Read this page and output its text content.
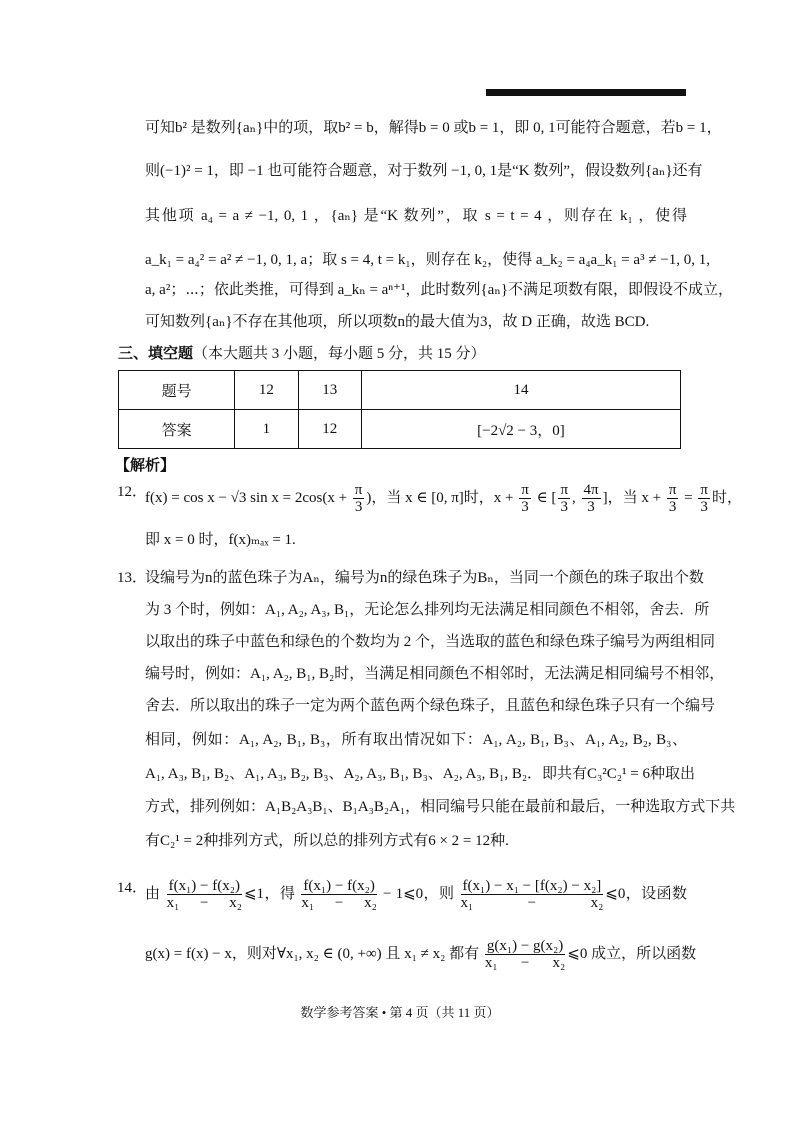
可知b² 是数列{aₙ}中的项，取b² = b，解得b = 0 或b = 1，即 0, 1可能符合题意，若b = 1，
则(−1)² = 1，即 −1 也可能符合题意，对于数列 −1, 0, 1是“K 数列”，假设数列{aₙ}还有
其他项 a₄ = a ≠ −1, 0, 1 ，{aₙ} 是“K 数列”，取 s = t = 4 ，则存在 k₁ ，使得
a_k₁ = a₄² = a² ≠ −1, 0, 1, a；取 s = 4, t = k₁，则存在 k₂，使得 a_k₂ = a₄a_k₁ = a³ ≠ −1, 0, 1,
a, a²；⋯；依此类推，可得到 a_kₙ = aⁿ⁺¹，此时数列{aₙ}不满足项数有限，即假设不成立，
可知数列{aₙ}不存在其他项，所以项数n的最大值为3，故 D 正确，故选 BCD.
三、填空题（本大题共 3 小题，每小题 5 分，共 15 分）
题号	12	13	14
答案	1	12	[−2√2 − 3，0]
【解析】
12．
f(x) = cos x − √3 $\sin x = 2\cos(x + \frac{\pi}{3}$ )，当 x ∈ [0, π]时，$x + \frac{\pi}{3}$ ∈ [ $\frac{\pi}{3}$ , $\frac{4\pi}{3}$ ]，当 $x + \frac{\pi}{3} = \frac{\pi}{3}$ 时，
即 x = 0 时，f(x)ₘₐₓ = 1.
13．
设编号为n的蓝色珠子为Aₙ，编号为n的绿色珠子为Bₙ，当同一个颜色的珠子取出个数
为 3 个时，例如：A₁, A₂, A₃, B₁，无论怎么排列均无法满足相同颜色不相邻，舍去．所
以取出的珠子中蓝色和绿色的个数均为 2 个，当选取的蓝色和绿色珠子编号为两组相同
编号时，例如：A₁, A₂, B₁, B₂时，当满足相同颜色不相邻时，无法满足相同编号不相邻，
舍去．所以取出的珠子一定为两个蓝色两个绿色珠子，且蓝色和绿色珠子只有一个编号
相同，例如：A₁, A₂, B₁, B₃，所有取出情况如下：A₁, A₂, B₁, B₃、A₁, A₂, B₂, B₃、
A₁, A₃, B₁, B₂、A₁, A₃, B₂, B₃、A₂, A₃, B₁, B₃、A₂, A₃, B₁, B₂．即共有C₃²C₂¹ = 6种取出
方式，排列例如：A₁B₂A₃B₁、B₁A₃B₂A₁，相同编号只能在最前和最后，一种选取方式下共
有C₂¹ = 2种排列方式，所以总的排列方式有6 × 2 = 12种.
14．
由 $\frac{\text{f(x₁) − f(x₂)}}{\text{x₁ − x₂}}$ ⩽1，得 $\frac{\text{f(x₁) − f(x₂)}}{\text{x₁ − x₂}}$ − 1⩽0，则 $\frac{\text{f(x₁) − x₁ − [f(x₂) − x₂]}}{\text{x₁ − x₂}}$ ⩽0，设函数
g(x) = f(x) − x，则对∀x₁, x₂ ∈ (0, +∞) 且 x₁ ≠ x₂ 都有 $\frac{\text{g(x₁) − g(x₂)}}{\text{x₁ − x₂}}$ ⩽0 成立，所以函数
数学参考答案 • 第 4 页（共 11 页）
